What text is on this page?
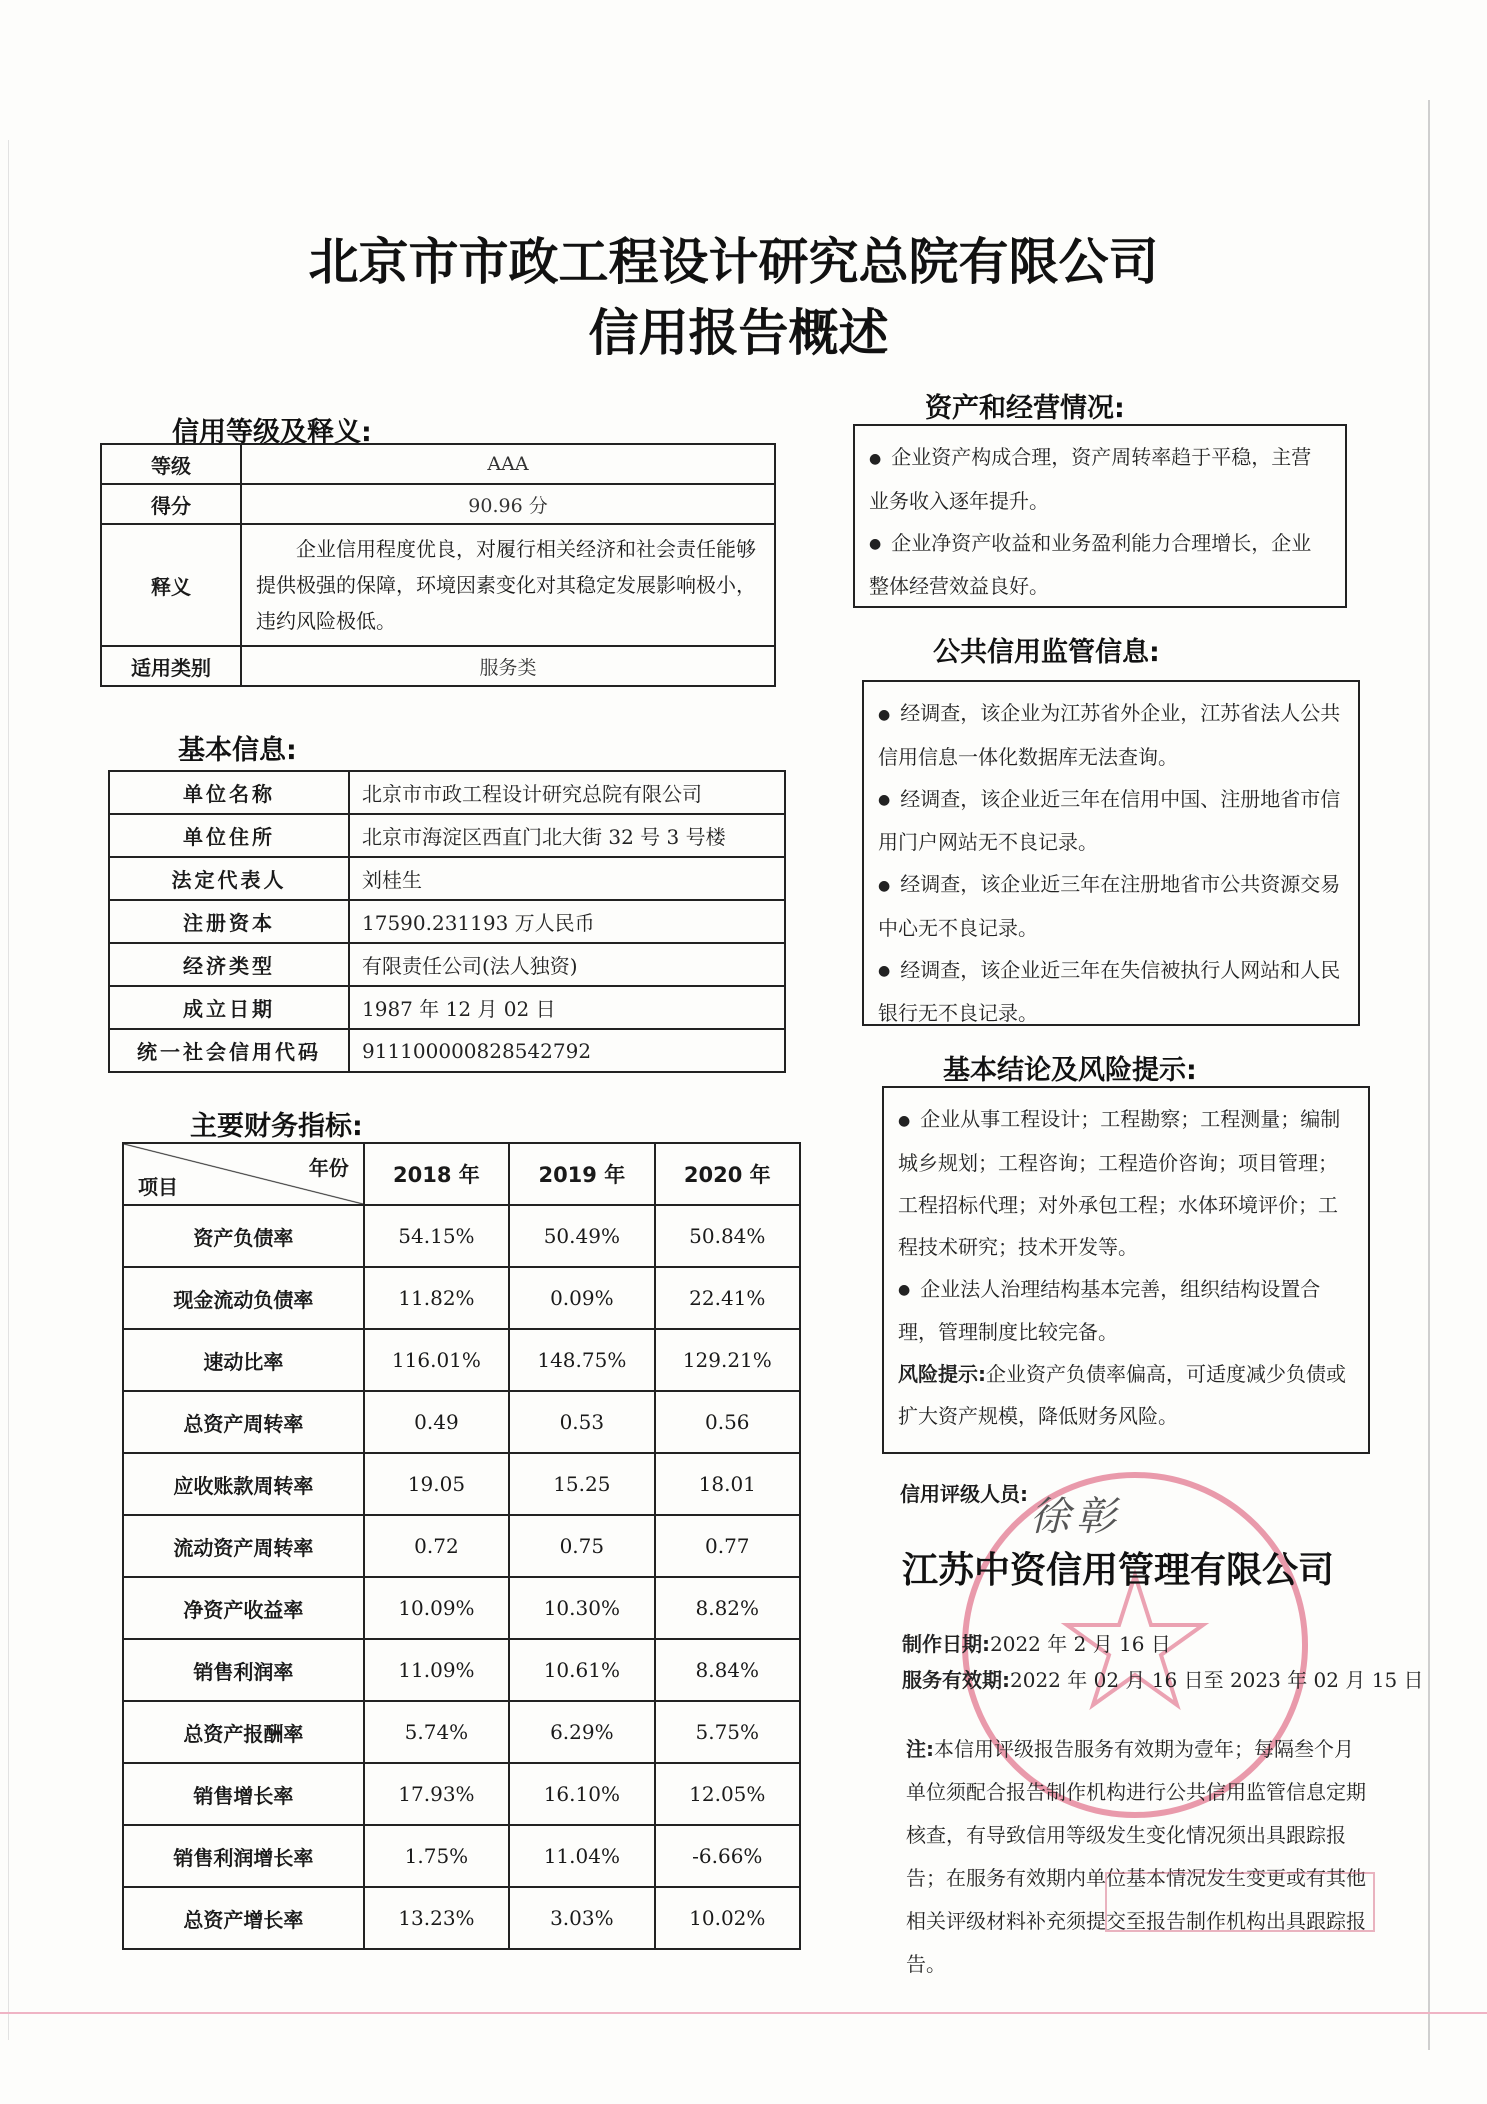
北京市市政工程设计研究总院有限公司
信用报告概述
信用等级及释义:
等级	AAA
得分	90.96 分
释义	企业信用程度优良，对履行相关经济和社会责任能够提供极强的保障，环境因素变化对其稳定发展影响极小，违约风险极低。
适用类别	服务类
基本信息:
单位名称	北京市市政工程设计研究总院有限公司
单位住所	北京市海淀区西直门北大街 32 号 3 号楼
法定代表人	刘桂生
注册资本	17590.231193 万人民币
经济类型	有限责任公司(法人独资)
成立日期	1987 年 12 月 02 日
统一社会信用代码	911100000828542792
主要财务指标:
年份
项目	2018 年	2019 年	2020 年
资产负债率	54.15%	50.49%	50.84%
现金流动负债率	11.82%	0.09%	22.41%
速动比率	116.01%	148.75%	129.21%
总资产周转率	0.49	0.53	0.56
应收账款周转率	19.05	15.25	18.01
流动资产周转率	0.72	0.75	0.77
净资产收益率	10.09%	10.30%	8.82%
销售利润率	11.09%	10.61%	8.84%
总资产报酬率	5.74%	6.29%	5.75%
销售增长率	17.93%	16.10%	12.05%
销售利润增长率	1.75%	11.04%	-6.66%
总资产增长率	13.23%	3.03%	10.02%
资产和经营情况:
● 企业资产构成合理，资产周转率趋于平稳，主营业务收入逐年提升。
● 企业净资产收益和业务盈利能力合理增长，企业整体经营效益良好。
公共信用监管信息:
● 经调查，该企业为江苏省外企业，江苏省法人公共信用信息一体化数据库无法查询。
● 经调查，该企业近三年在信用中国、注册地省市信用门户网站无不良记录。
● 经调查，该企业近三年在注册地省市公共资源交易中心无不良记录。
● 经调查，该企业近三年在失信被执行人网站和人民银行无不良记录。
基本结论及风险提示:
● 企业从事工程设计；工程勘察；工程测量；编制城乡规划；工程咨询；工程造价咨询；项目管理；工程招标代理；对外承包工程；水体环境评价；工程技术研究；技术开发等。
● 企业法人治理结构基本完善，组织结构设置合理，管理制度比较完备。
风险提示:企业资产负债率偏高，可适度减少负债或扩大资产规模，降低财务风险。
信用评级人员: 徐彰
江苏中资信用管理有限公司
制作日期:2022 年 2 月 16 日
服务有效期:2022 年 02 月 16 日至 2023 年 02 月 15 日
注:本信用评级报告服务有效期为壹年；每隔叁个月单位须配合报告制作机构进行公共信用监管信息定期核查，有导致信用等级发生变化情况须出具跟踪报告；在服务有效期内单位基本情况发生变更或有其他相关评级材料补充须提交至报告制作机构出具跟踪报告。
